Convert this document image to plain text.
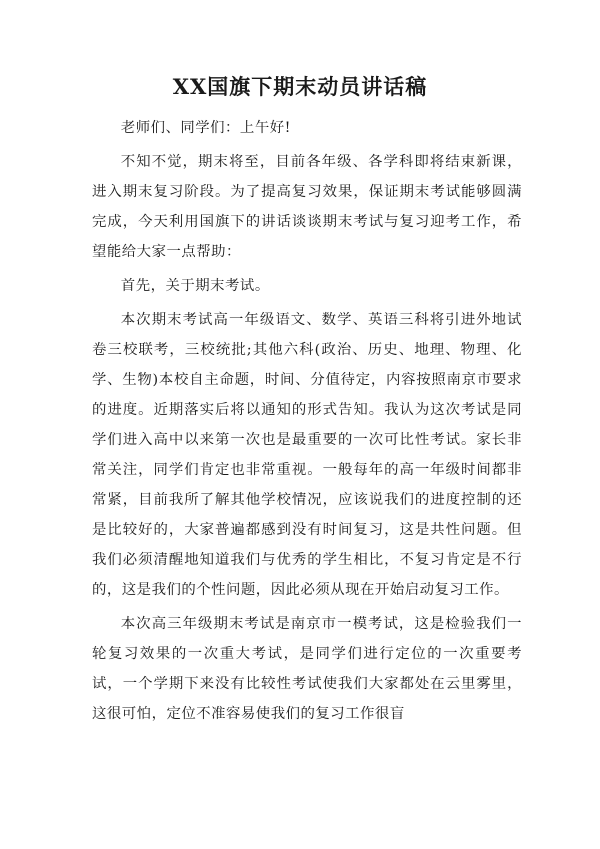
XX国旗下期末动员讲话稿

老师们、同学们：上午好!

不知不觉，期末将至，目前各年级、各学科即将结束新课，进入期末复习阶段。为了提高复习效果，保证期末考试能够圆满完成，今天利用国旗下的讲话谈谈期末考试与复习迎考工作，希望能给大家一点帮助：

首先，关于期末考试。

本次期末考试高一年级语文、数学、英语三科将引进外地试卷三校联考，三校统批;其他六科(政治、历史、地理、物理、化学、生物)本校自主命题，时间、分值待定，内容按照南京市要求的进度。近期落实后将以通知的形式告知。我认为这次考试是同学们进入高中以来第一次也是最重要的一次可比性考试。家长非常关注，同学们肯定也非常重视。一般每年的高一年级时间都非常紧，目前我所了解其他学校情况，应该说我们的进度控制的还是比较好的，大家普遍都感到没有时间复习，这是共性问题。但我们必须清醒地知道我们与优秀的学生相比，不复习肯定是不行的，这是我们的个性问题，因此必须从现在开始启动复习工作。

本次高三年级期末考试是南京市一模考试，这是检验我们一轮复习效果的一次重大考试，是同学们进行定位的一次重要考试，一个学期下来没有比较性考试使我们大家都处在云里雾里，这很可怕，定位不准容易使我们的复习工作很盲
